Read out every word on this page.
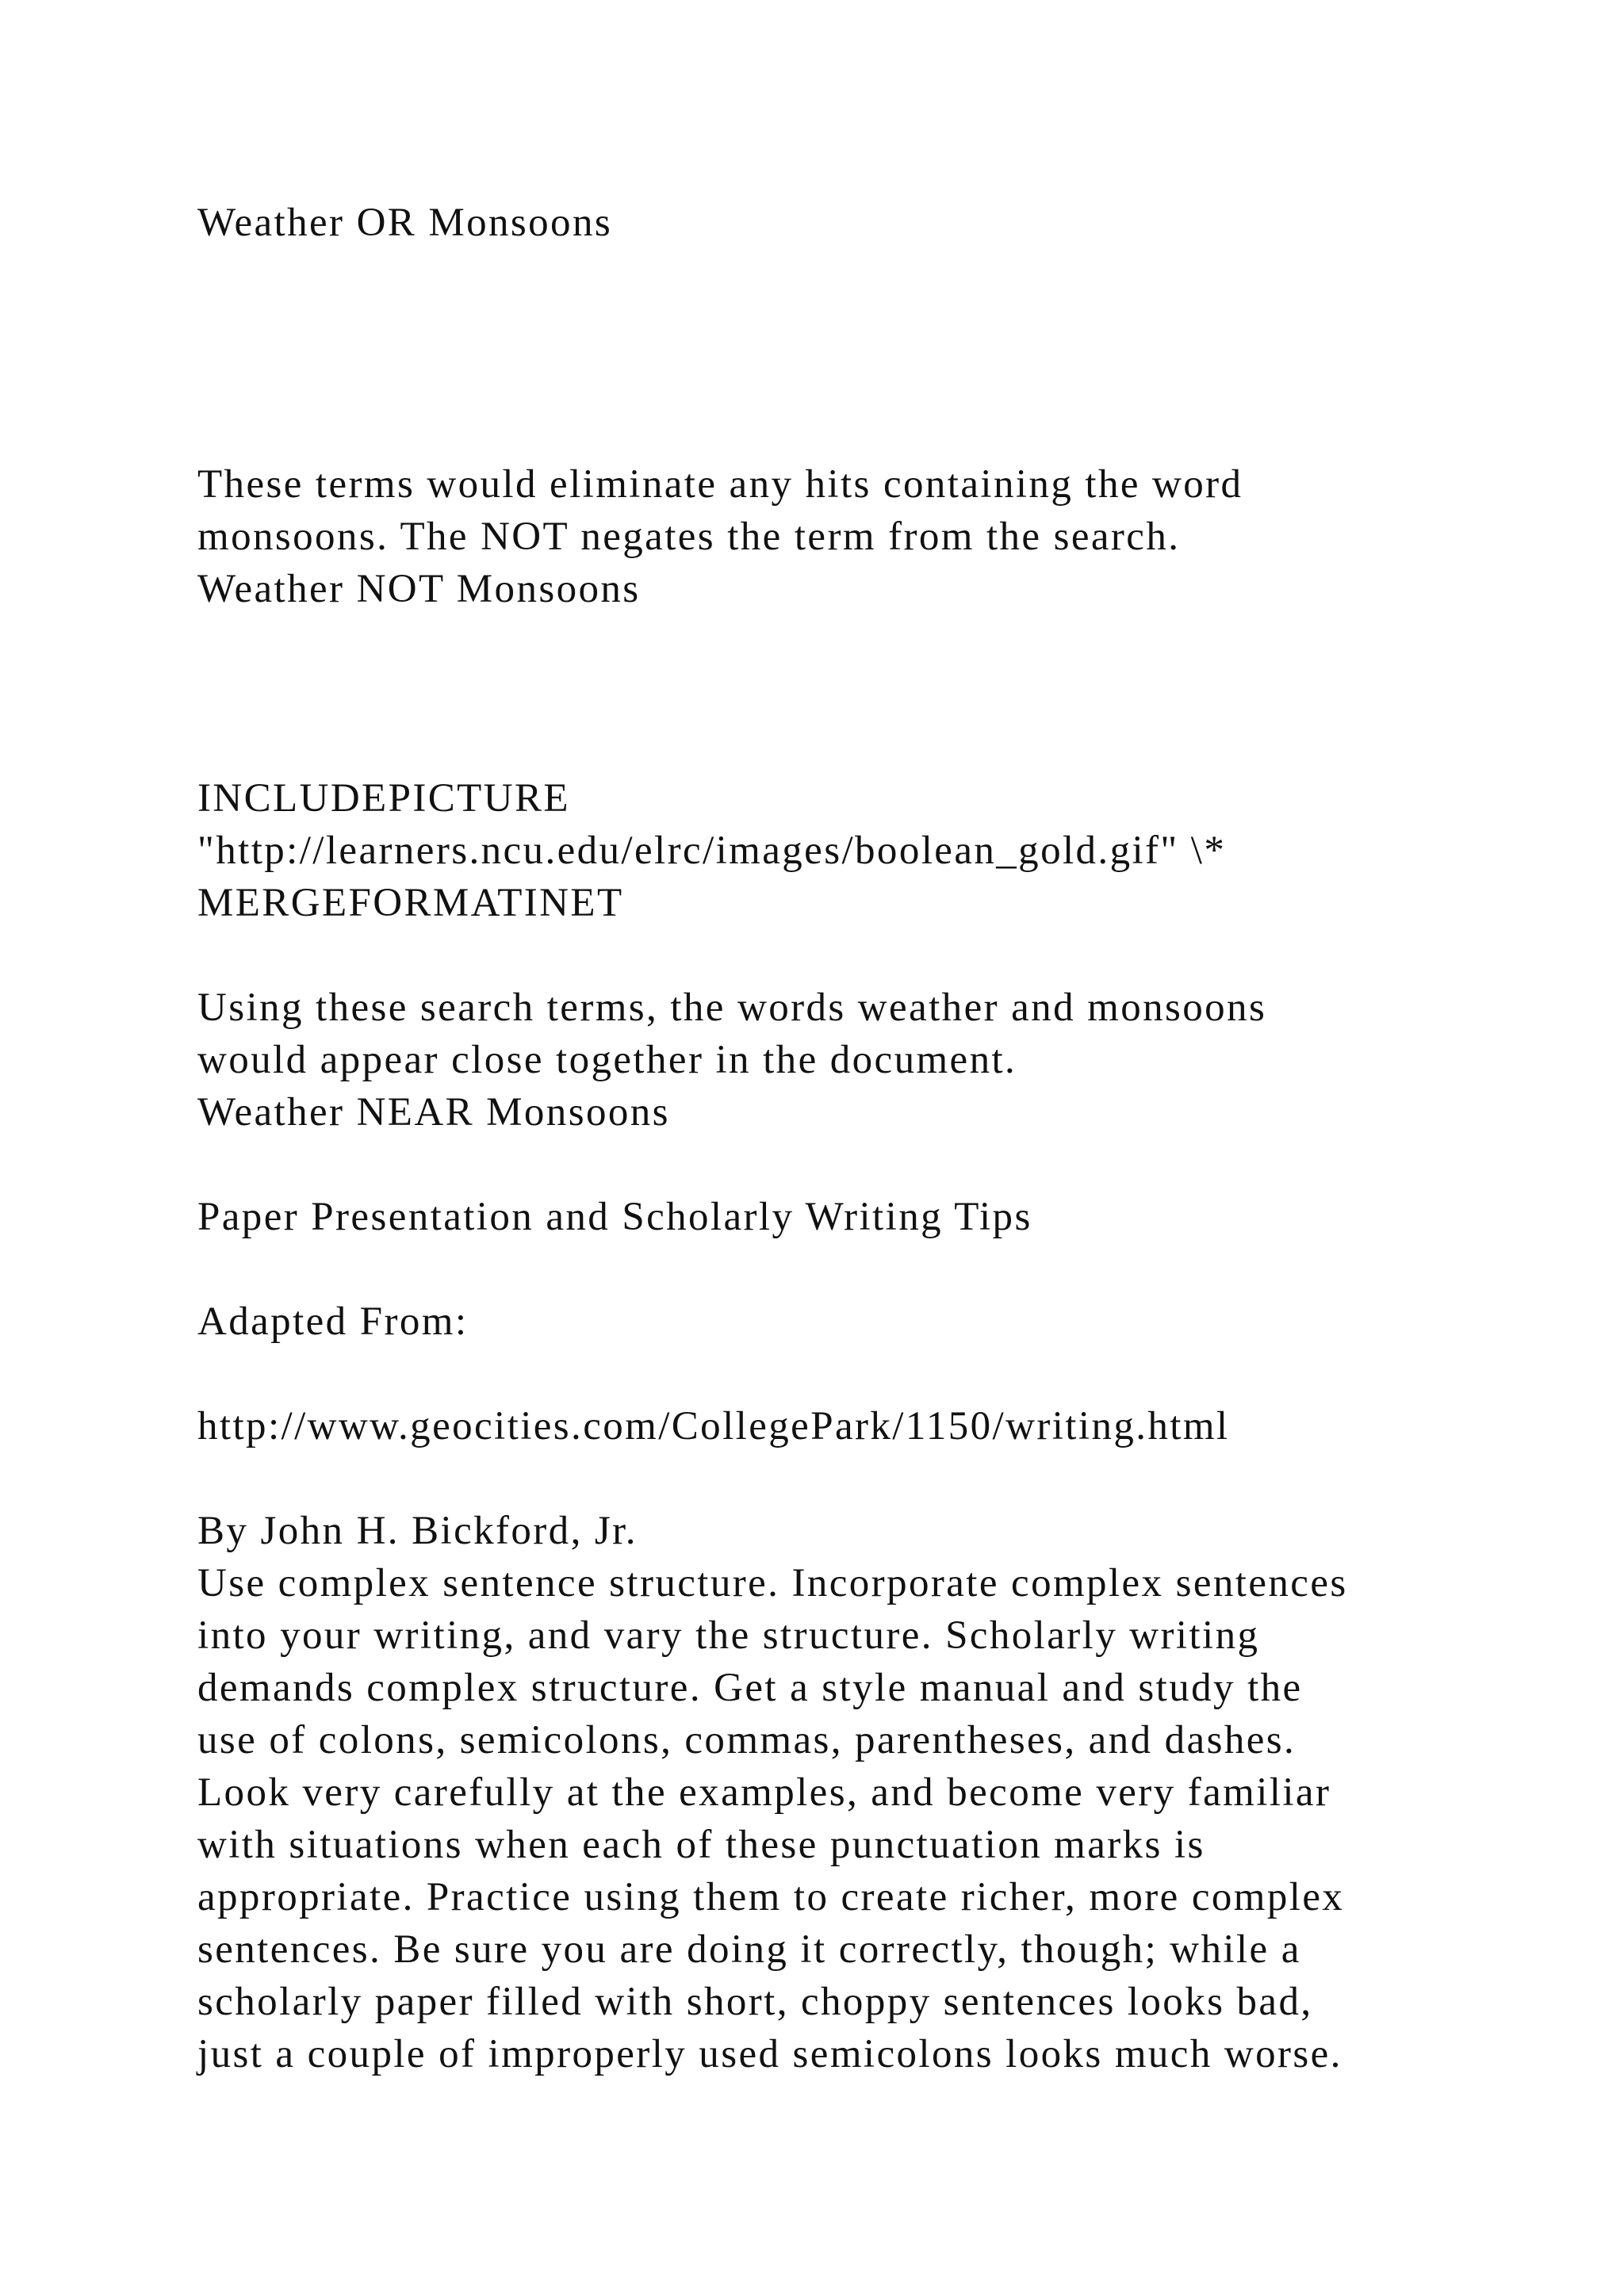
Weather OR Monsoons

These terms would eliminate any hits containing the word

monsoons. The NOT negates the term from the search.

Weather NOT Monsoons

INCLUDEPICTURE

"http://learners.ncu.edu/elrc/images/boolean_gold.gif" \*

MERGEFORMATINET

Using these search terms, the words weather and monsoons

would appear close together in the document.

Weather NEAR Monsoons

Paper Presentation and Scholarly Writing Tips

Adapted From:

http://www.geocities.com/CollegePark/1150/writing.html

By John H. Bickford, Jr.

Use complex sentence structure. Incorporate complex sentences

into your writing, and vary the structure. Scholarly writing

demands complex structure. Get a style manual and study the

use of colons, semicolons, commas, parentheses, and dashes.

Look very carefully at the examples, and become very familiar

with situations when each of these punctuation marks is

appropriate. Practice using them to create richer, more complex

sentences. Be sure you are doing it correctly, though; while a

scholarly paper filled with short, choppy sentences looks bad,

just a couple of improperly used semicolons looks much worse.
